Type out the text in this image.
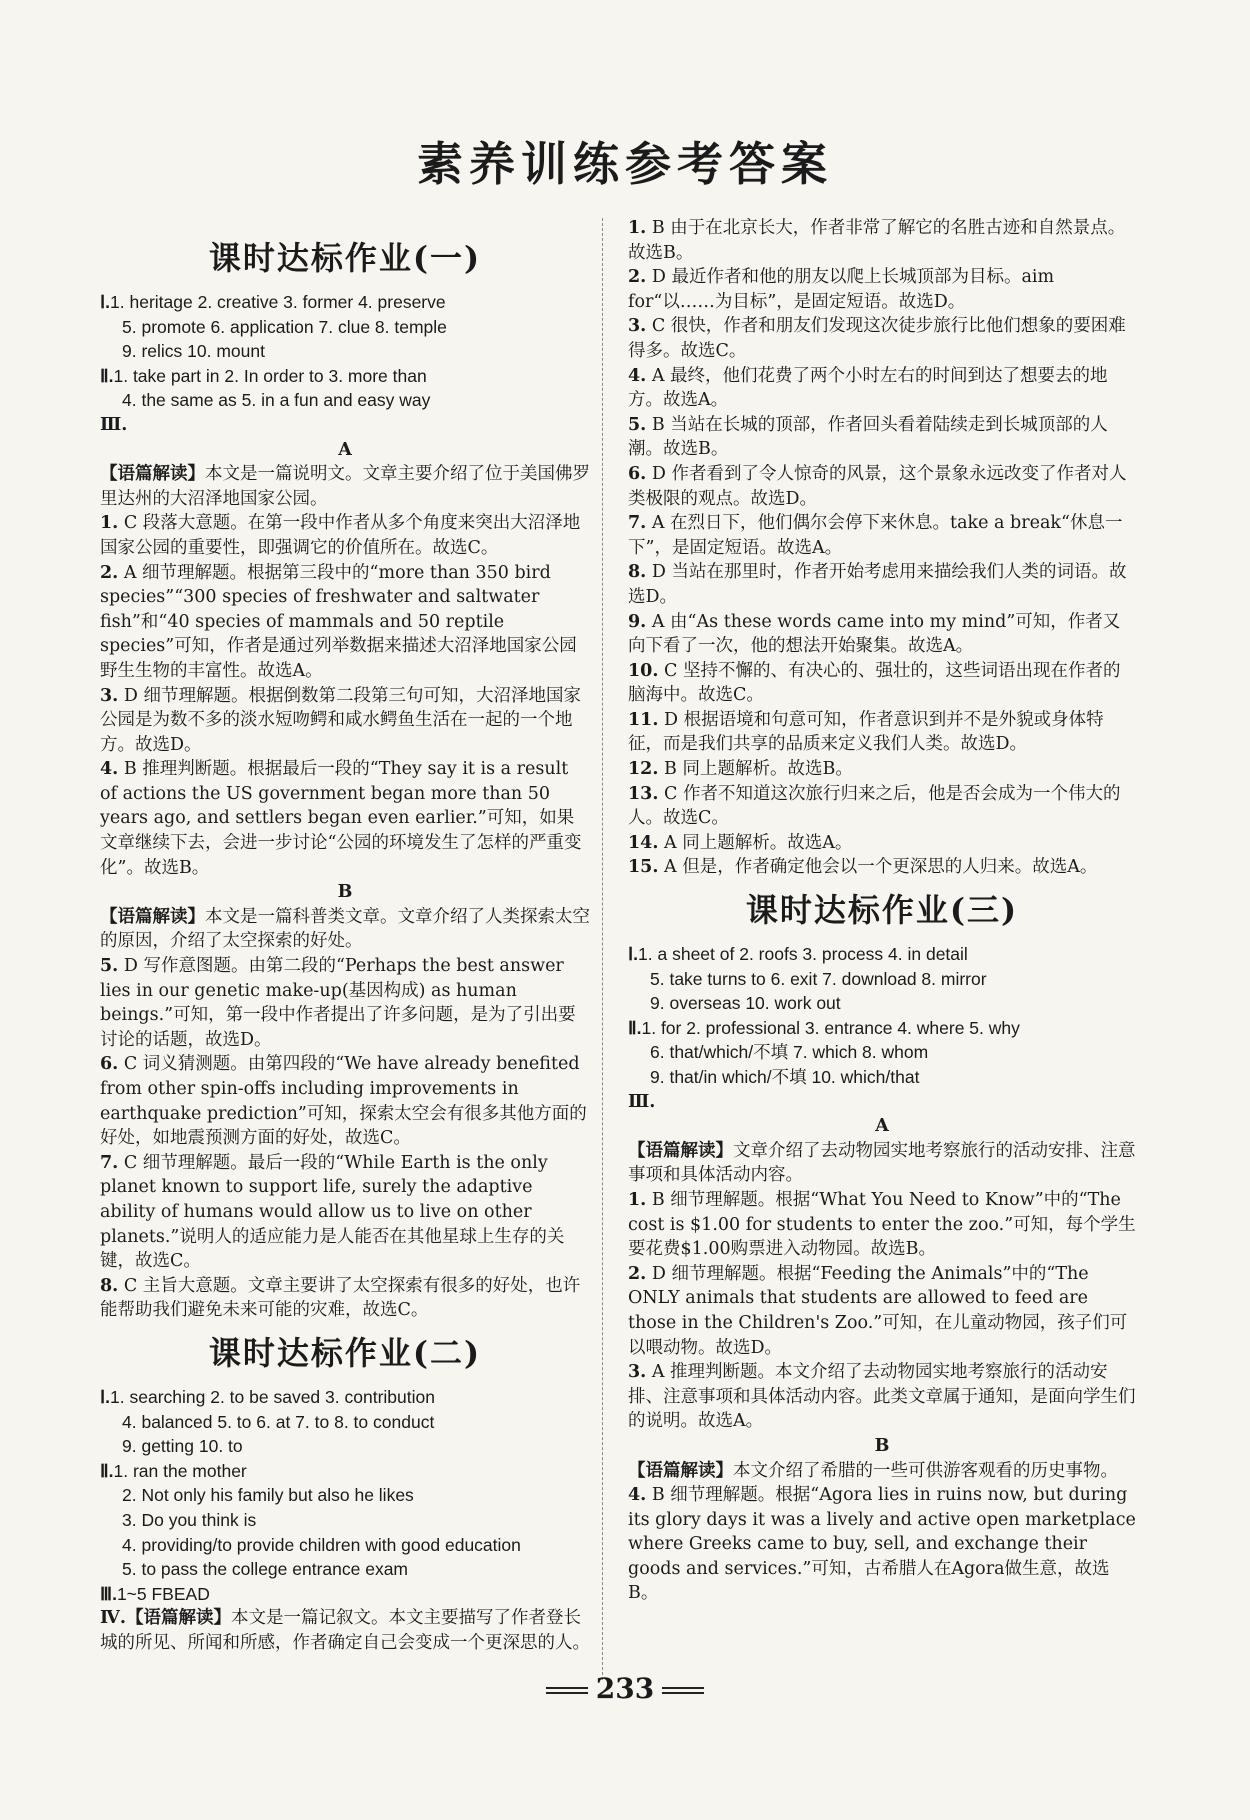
素养训练参考答案
课时达标作业(一)
Ⅰ.1. heritage 2. creative 3. former 4. preserve
5. promote 6. application 7. clue 8. temple
9. relics 10. mount
Ⅱ.1. take part in 2. In order to 3. more than
4. the same as 5. in a fun and easy way
Ⅲ.
A

【语篇解读】本文是一篇说明文。文章主要介绍了位于美国佛罗里达州的大沼泽地国家公园。

1. C 段落大意题。在第一段中作者从多个角度来突出大沼泽地国家公园的重要性，即强调它的价值所在。故选C。

2. A 细节理解题。根据第三段中的“more than 350 bird species”“300 species of freshwater and saltwater fish”和“40 species of mammals and 50 reptile species”可知，作者是通过列举数据来描述大沼泽地国家公园野生生物的丰富性。故选A。

3. D 细节理解题。根据倒数第二段第三句可知，大沼泽地国家公园是为数不多的淡水短吻鳄和咸水鳄鱼生活在一起的一个地方。故选D。

4. B 推理判断题。根据最后一段的“They say it is a result of actions the US government began more than 50 years ago, and settlers began even earlier.”可知，如果文章继续下去，会进一步讨论“公园的环境发生了怎样的严重变化”。故选B。

B

【语篇解读】本文是一篇科普类文章。文章介绍了人类探索太空的原因，介绍了太空探索的好处。

5. D 写作意图题。由第二段的“Perhaps the best answer lies in our genetic make-up(基因构成) as human beings.”可知，第一段中作者提出了许多问题，是为了引出要讨论的话题，故选D。

6. C 词义猜测题。由第四段的“We have already benefited from other spin-offs including improvements in earthquake prediction”可知，探索太空会有很多其他方面的好处，如地震预测方面的好处，故选C。

7. C 细节理解题。最后一段的“While Earth is the only planet known to support life, surely the adaptive ability of humans would allow us to live on other planets.”说明人的适应能力是人能否在其他星球上生存的关键，故选C。

8. C 主旨大意题。文章主要讲了太空探索有很多的好处，也许能帮助我们避免未来可能的灾难，故选C。

课时达标作业(二)
Ⅰ.1. searching 2. to be saved 3. contribution
4. balanced 5. to 6. at 7. to 8. to conduct
9. getting 10. to
Ⅱ.1. ran the mother
2. Not only his family but also he likes
3. Do you think is
4. providing/to provide children with good education
5. to pass the college entrance exam
Ⅲ.1~5 FBEAD

Ⅳ.【语篇解读】本文是一篇记叙文。本文主要描写了作者登长城的所见、所闻和所感，作者确定自己会变成一个更深思的人。

1. B 由于在北京长大，作者非常了解它的名胜古迹和自然景点。故选B。

2. D 最近作者和他的朋友以爬上长城顶部为目标。aim for“以……为目标”，是固定短语。故选D。

3. C 很快，作者和朋友们发现这次徒步旅行比他们想象的要困难得多。故选C。

4. A 最终，他们花费了两个小时左右的时间到达了想要去的地方。故选A。

5. B 当站在长城的顶部，作者回头看着陆续走到长城顶部的人潮。故选B。

6. D 作者看到了令人惊奇的风景，这个景象永远改变了作者对人类极限的观点。故选D。

7. A 在烈日下，他们偶尔会停下来休息。take a break“休息一下”，是固定短语。故选A。

8. D 当站在那里时，作者开始考虑用来描绘我们人类的词语。故选D。

9. A 由“As these words came into my mind”可知，作者又向下看了一次，他的想法开始聚集。故选A。

10. C 坚持不懈的、有决心的、强壮的，这些词语出现在作者的脑海中。故选C。

11. D 根据语境和句意可知，作者意识到并不是外貌或身体特征，而是我们共享的品质来定义我们人类。故选D。

12. B 同上题解析。故选B。

13. C 作者不知道这次旅行归来之后，他是否会成为一个伟大的人。故选C。

14. A 同上题解析。故选A。

15. A 但是，作者确定他会以一个更深思的人归来。故选A。

课时达标作业(三)
Ⅰ.1. a sheet of 2. roofs 3. process 4. in detail
5. take turns to 6. exit 7. download 8. mirror
9. overseas 10. work out
Ⅱ.1. for 2. professional 3. entrance 4. where 5. why
6. that/which/不填 7. which 8. whom
9. that/in which/不填 10. which/that
Ⅲ.
A

【语篇解读】文章介绍了去动物园实地考察旅行的活动安排、注意事项和具体活动内容。

1. B 细节理解题。根据“What You Need to Know”中的“The cost is $1.00 for students to enter the zoo.”可知，每个学生要花费$1.00购票进入动物园。故选B。

2. D 细节理解题。根据“Feeding the Animals”中的“The ONLY animals that students are allowed to feed are those in the Children's Zoo.”可知，在儿童动物园，孩子们可以喂动物。故选D。

3. A 推理判断题。本文介绍了去动物园实地考察旅行的活动安排、注意事项和具体活动内容。此类文章属于通知，是面向学生们的说明。故选A。

B

【语篇解读】本文介绍了希腊的一些可供游客观看的历史事物。

4. B 细节理解题。根据“Agora lies in ruins now, but during its glory days it was a lively and active open marketplace where Greeks came to buy, sell, and exchange their goods and services.”可知，古希腊人在Agora做生意，故选B。

233
